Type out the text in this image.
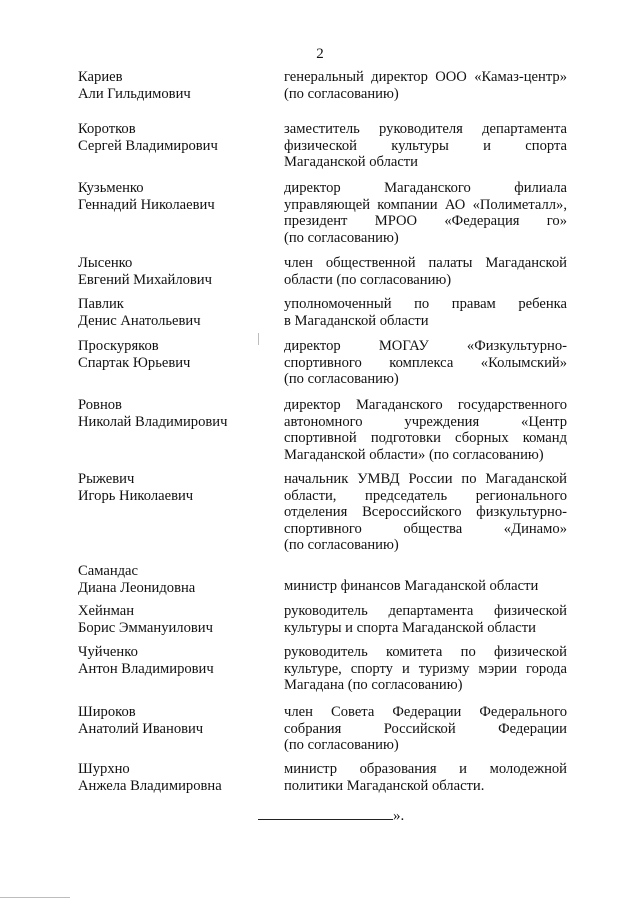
2
Кариев
Али Гильдимович
генеральный директор ООО «Камаз-центр»
(по согласованию)
Коротков
Сергей Владимирович
заместитель руководителя департамента
физической культуры и спорта
Магаданской области
Кузьменко
Геннадий Николаевич
директор Магаданского филиала
управляющей компании АО «Полиметалл»,
президент МРОО «Федерация го»
(по согласованию)
Лысенко
Евгений Михайлович
член общественной палаты Магаданской
области (по согласованию)
Павлик
Денис Анатольевич
уполномоченный по правам ребенка
в Магаданской области
Проскуряков
Спартак Юрьевич
директор МОГАУ «Физкультурно-
спортивного комплекса «Колымский»
(по согласованию)
Ровнов
Николай Владимирович
директор Магаданского государственного
автономного учреждения «Центр
спортивной подготовки сборных команд
Магаданской области» (по согласованию)
Рыжевич
Игорь Николаевич
начальник УМВД России по Магаданской
области, председатель регионального
отделения Всероссийского физкультурно-
спортивного общества «Динамо»
(по согласованию)
Самандас
Диана Леонидовна	министр финансов Магаданской области
Хейнман
Борис Эммануилович
руководитель департамента физической
культуры и спорта Магаданской области
Чуйченко
Антон Владимирович
руководитель комитета по физической
культуре, спорту и туризму мэрии города
Магадана (по согласованию)
Широков
Анатолий Иванович
член Совета Федерации Федерального
собрания Российской Федерации
(по согласованию)
Шурхно
Анжела Владимировна
министр образования и молодежной
политики Магаданской области.
».
